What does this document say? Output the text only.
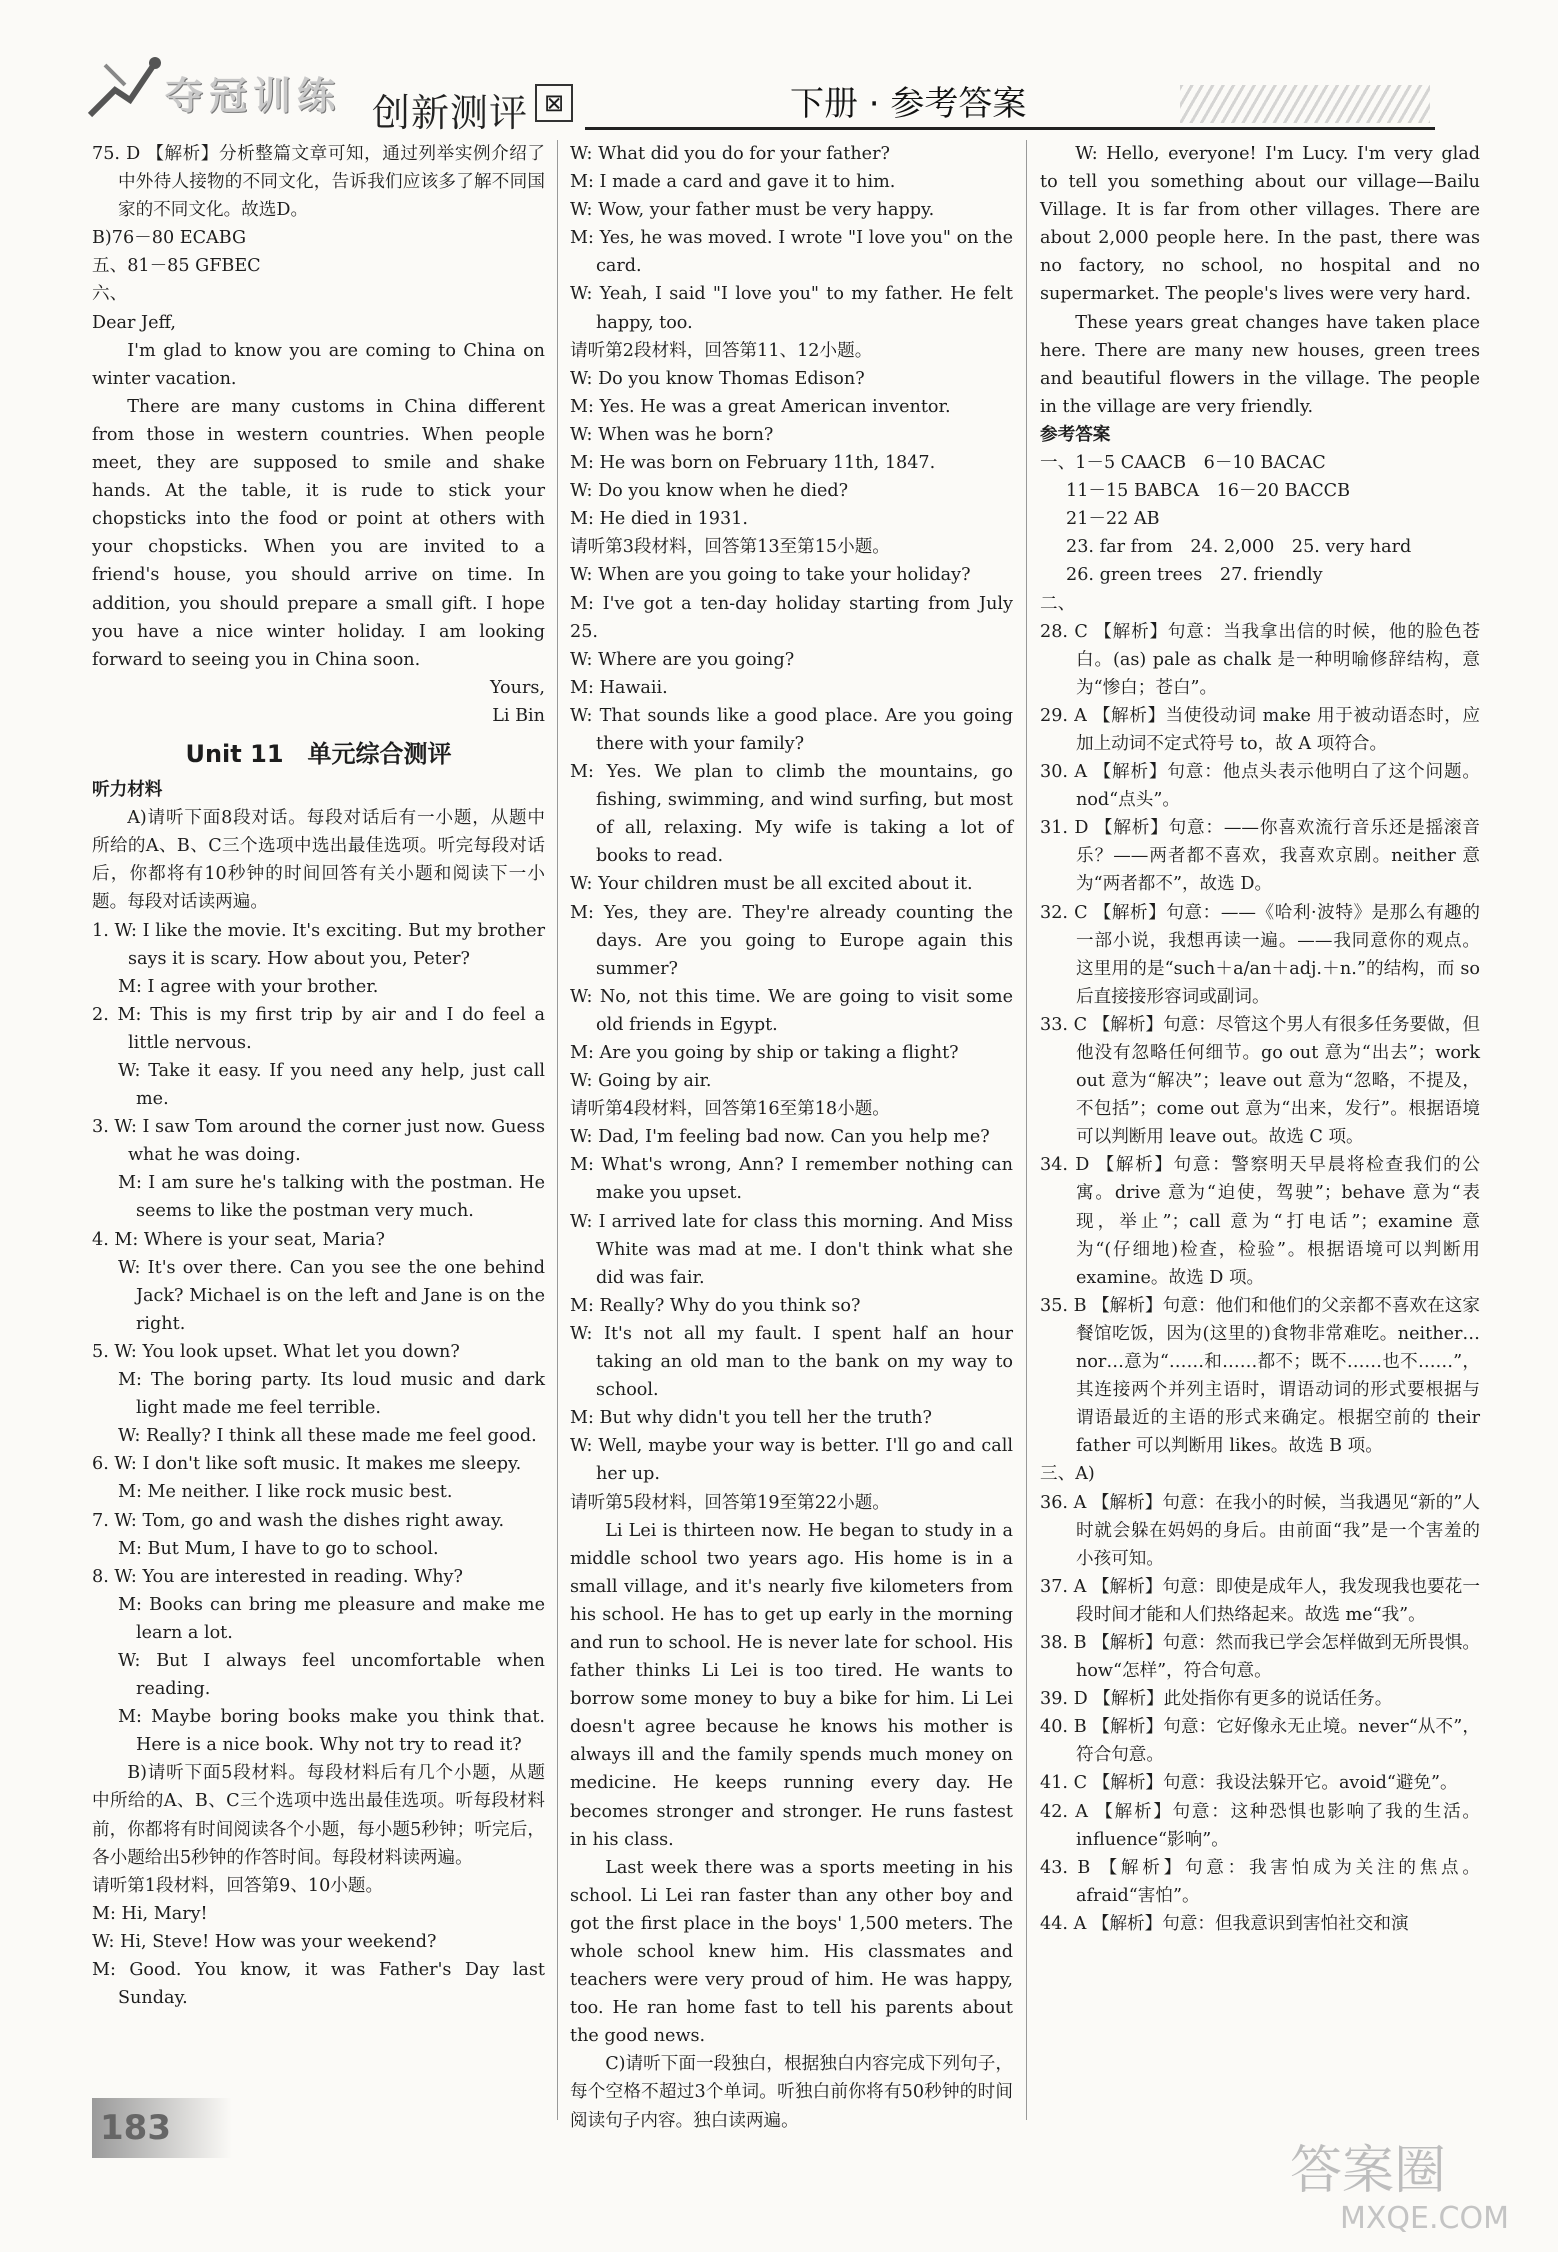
夺冠训练 创新测评 ⊠	下册 · 参考答案

75. D 【解析】分析整篇文章可知，通过列举实例介绍了中外待人接物的不同文化，告诉我们应该多了解不同国家的不同文化。故选D。

B)76－80 ECABG

五、81－85 GFBEC

六、

Dear Jeff,

I'm glad to know you are coming to China on winter vacation.

There are many customs in China different from those in western countries. When people meet, they are supposed to smile and shake hands. At the table, it is rude to stick your chopsticks into the food or point at others with your chopsticks. When you are invited to a friend's house, you should arrive on time. In addition, you should prepare a small gift. I hope you have a nice winter holiday. I am looking forward to seeing you in China soon.

Yours,

Li Bin

Unit 11　单元综合测评

听力材料

A)请听下面8段对话。每段对话后有一小题，从题中所给的A、B、C三个选项中选出最佳选项。听完每段对话后，你都将有10秒钟的时间回答有关小题和阅读下一小题。每段对话读两遍。

1. W: I like the movie. It's exciting. But my brother says it is scary. How about you, Peter?

M: I agree with your brother.

2. M: This is my first trip by air and I do feel a little nervous.

W: Take it easy. If you need any help, just call me.

3. W: I saw Tom around the corner just now. Guess what he was doing.

M: I am sure he's talking with the postman. He seems to like the postman very much.

4. M: Where is your seat, Maria?

W: It's over there. Can you see the one behind Jack? Michael is on the left and Jane is on the right.

5. W: You look upset. What let you down?

M: The boring party. Its loud music and dark light made me feel terrible.

W: Really? I think all these made me feel good.

6. W: I don't like soft music. It makes me sleepy.

M: Me neither. I like rock music best.

7. W: Tom, go and wash the dishes right away.

M: But Mum, I have to go to school.

8. W: You are interested in reading. Why?

M: Books can bring me pleasure and make me learn a lot.

W: But I always feel uncomfortable when reading.

M: Maybe boring books make you think that. Here is a nice book. Why not try to read it?

B)请听下面5段材料。每段材料后有几个小题，从题中所给的A、B、C三个选项中选出最佳选项。听每段材料前，你都将有时间阅读各个小题，每小题5秒钟；听完后，各小题给出5秒钟的作答时间。每段材料读两遍。

请听第1段材料，回答第9、10小题。

M: Hi, Mary!

W: Hi, Steve! How was your weekend?

M: Good. You know, it was Father's Day last Sunday.

W: What did you do for your father?

M: I made a card and gave it to him.

W: Wow, your father must be very happy.

M: Yes, he was moved. I wrote "I love you" on the card.

W: Yeah, I said "I love you" to my father. He felt happy, too.

请听第2段材料，回答第11、12小题。

W: Do you know Thomas Edison?

M: Yes. He was a great American inventor.

W: When was he born?

M: He was born on February 11th, 1847.

W: Do you know when he died?

M: He died in 1931.

请听第3段材料，回答第13至第15小题。

W: When are you going to take your holiday?

M: I've got a ten-day holiday starting from July 25.

W: Where are you going?

M: Hawaii.

W: That sounds like a good place. Are you going there with your family?

M: Yes. We plan to climb the mountains, go fishing, swimming, and wind surfing, but most of all, relaxing. My wife is taking a lot of books to read.

W: Your children must be all excited about it.

M: Yes, they are. They're already counting the days. Are you going to Europe again this summer?

W: No, not this time. We are going to visit some old friends in Egypt.

M: Are you going by ship or taking a flight?

W: Going by air.

请听第4段材料，回答第16至第18小题。

W: Dad, I'm feeling bad now. Can you help me?

M: What's wrong, Ann? I remember nothing can make you upset.

W: I arrived late for class this morning. And Miss White was mad at me. I don't think what she did was fair.

M: Really? Why do you think so?

W: It's not all my fault. I spent half an hour taking an old man to the bank on my way to school.

M: But why didn't you tell her the truth?

W: Well, maybe your way is better. I'll go and call her up.

请听第5段材料，回答第19至第22小题。

Li Lei is thirteen now. He began to study in a middle school two years ago. His home is in a small village, and it's nearly five kilometers from his school. He has to get up early in the morning and run to school. He is never late for school. His father thinks Li Lei is too tired. He wants to borrow some money to buy a bike for him. Li Lei doesn't agree because he knows his mother is always ill and the family spends much money on medicine. He keeps running every day. He becomes stronger and stronger. He runs fastest in his class.

Last week there was a sports meeting in his school. Li Lei ran faster than any other boy and got the first place in the boys' 1,500 meters. The whole school knew him. His classmates and teachers were very proud of him. He was happy, too. He ran home fast to tell his parents about the good news.

C)请听下面一段独白，根据独白内容完成下列句子，每个空格不超过3个单词。听独白前你将有50秒钟的时间阅读句子内容。独白读两遍。

W: Hello, everyone! I'm Lucy. I'm very glad to tell you something about our village—Bailu Village. It is far from other villages. There are about 2,000 people here. In the past, there was no factory, no school, no hospital and no supermarket. The people's lives were very hard.

These years great changes have taken place here. There are many new houses, green trees and beautiful flowers in the village. The people in the village are very friendly.

参考答案

一、1－5 CAACB　6－10 BACAC

11－15 BABCA　16－20 BACCB

21－22 AB

23. far from　24. 2,000　25. very hard

26. green trees　27. friendly

二、

28. C 【解析】句意：当我拿出信的时候，他的脸色苍白。(as) pale as chalk 是一种明喻修辞结构，意为“惨白；苍白”。

29. A 【解析】当使役动词 make 用于被动语态时，应加上动词不定式符号 to，故 A 项符合。

30. A 【解析】句意：他点头表示他明白了这个问题。nod“点头”。

31. D 【解析】句意：——你喜欢流行音乐还是摇滚音乐？——两者都不喜欢，我喜欢京剧。neither 意为“两者都不”，故选 D。

32. C 【解析】句意：——《哈利·波特》是那么有趣的一部小说，我想再读一遍。——我同意你的观点。这里用的是“such＋a/an＋adj.＋n.”的结构，而 so 后直接接形容词或副词。

33. C 【解析】句意：尽管这个男人有很多任务要做，但他没有忽略任何细节。go out 意为“出去”；work out 意为“解决”；leave out 意为“忽略，不提及，不包括”；come out 意为“出来，发行”。根据语境可以判断用 leave out。故选 C 项。

34. D 【解析】句意：警察明天早晨将检查我们的公寓。drive 意为“迫使，驾驶”；behave 意为“表现，举止”；call 意为“打电话”；examine 意为“(仔细地)检查，检验”。根据语境可以判断用 examine。故选 D 项。

35. B 【解析】句意：他们和他们的父亲都不喜欢在这家餐馆吃饭，因为(这里的)食物非常难吃。neither…nor…意为“……和……都不；既不……也不……”，其连接两个并列主语时，谓语动词的形式要根据与谓语最近的主语的形式来确定。根据空前的 their father 可以判断用 likes。故选 B 项。

三、A)

36. A 【解析】句意：在我小的时候，当我遇见“新的”人时就会躲在妈妈的身后。由前面“我”是一个害羞的小孩可知。

37. A 【解析】句意：即使是成年人，我发现我也要花一段时间才能和人们热络起来。故选 me“我”。

38. B 【解析】句意：然而我已学会怎样做到无所畏惧。how“怎样”，符合句意。

39. D 【解析】此处指你有更多的说话任务。

40. B 【解析】句意：它好像永无止境。never“从不”，符合句意。

41. C 【解析】句意：我设法躲开它。avoid“避免”。

42. A 【解析】句意：这种恐惧也影响了我的生活。influence“影响”。

43. B 【解析】句意：我害怕成为关注的焦点。afraid“害怕”。

44. A 【解析】句意：但我意识到害怕社交和演

183
答案圈
MXQE.COM
